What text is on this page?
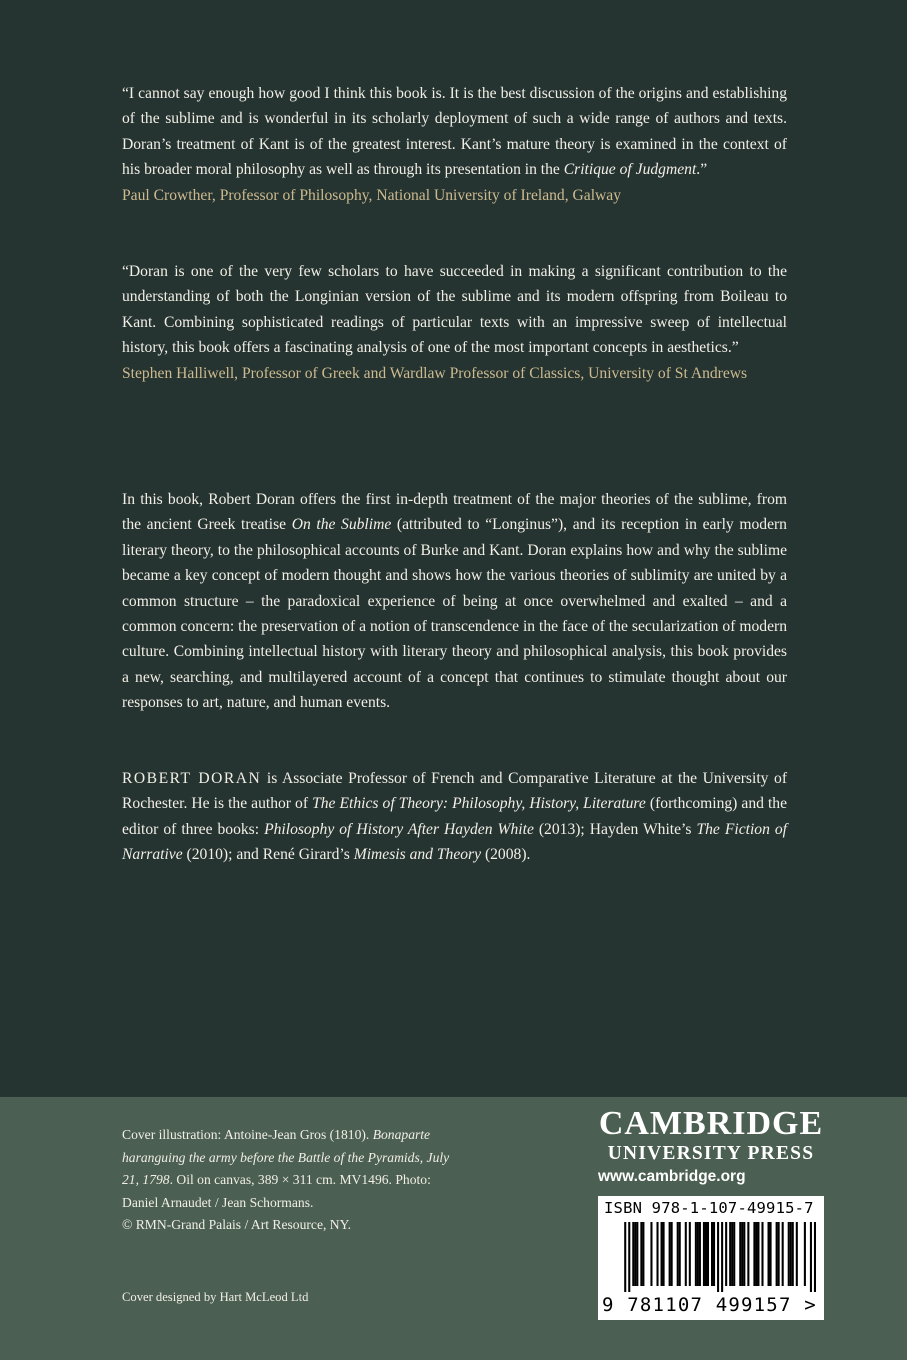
“I cannot say enough how good I think this book is. It is the best discussion of the origins and establishing of the sublime and is wonderful in its scholarly deployment of such a wide range of authors and texts. Doran’s treatment of Kant is of the greatest interest. Kant’s mature theory is examined in the context of his broader moral philosophy as well as through its presentation in the Critique of Judgment.”

Paul Crowther, Professor of Philosophy, National University of Ireland, Galway

“Doran is one of the very few scholars to have succeeded in making a significant contribution to the understanding of both the Longinian version of the sublime and its modern offspring from Boileau to Kant. Combining sophisticated readings of particular texts with an impressive sweep of intellectual history, this book offers a fascinating analysis of one of the most important concepts in aesthetics.”

Stephen Halliwell, Professor of Greek and Wardlaw Professor of Classics, University of St Andrews

In this book, Robert Doran offers the first in-depth treatment of the major theories of the sublime, from the ancient Greek treatise On the Sublime (attributed to “Longinus”), and its reception in early modern literary theory, to the philosophical accounts of Burke and Kant. Doran explains how and why the sublime became a key concept of modern thought and shows how the various theories of sublimity are united by a common structure – the paradoxical experience of being at once overwhelmed and exalted – and a common concern: the preservation of a notion of transcendence in the face of the secularization of modern culture. Combining intellectual history with literary theory and philosophical analysis, this book provides a new, searching, and multilayered account of a concept that continues to stimulate thought about our responses to art, nature, and human events.

ROBERT DORAN is Associate Professor of French and Comparative Literature at the University of Rochester. He is the author of The Ethics of Theory: Philosophy, History, Literature (forthcoming) and the editor of three books: Philosophy of History After Hayden White (2013); Hayden White’s The Fiction of Narrative (2010); and René Girard’s Mimesis and Theory (2008).

Cover illustration: Antoine-Jean Gros (1810). Bonaparte haranguing the army before the Battle of the Pyramids, July 21, 1798. Oil on canvas, 389 × 311 cm. MV1496. Photo: Daniel Arnaudet / Jean Schormans.
© RMN-Grand Palais / Art Resource, NY.
Cover designed by Hart McLeod Ltd
CAMBRIDGE
UNIVERSITY PRESS
www.cambridge.org
ISBN 978-1-107-49915-7
9 781107 499157 >
